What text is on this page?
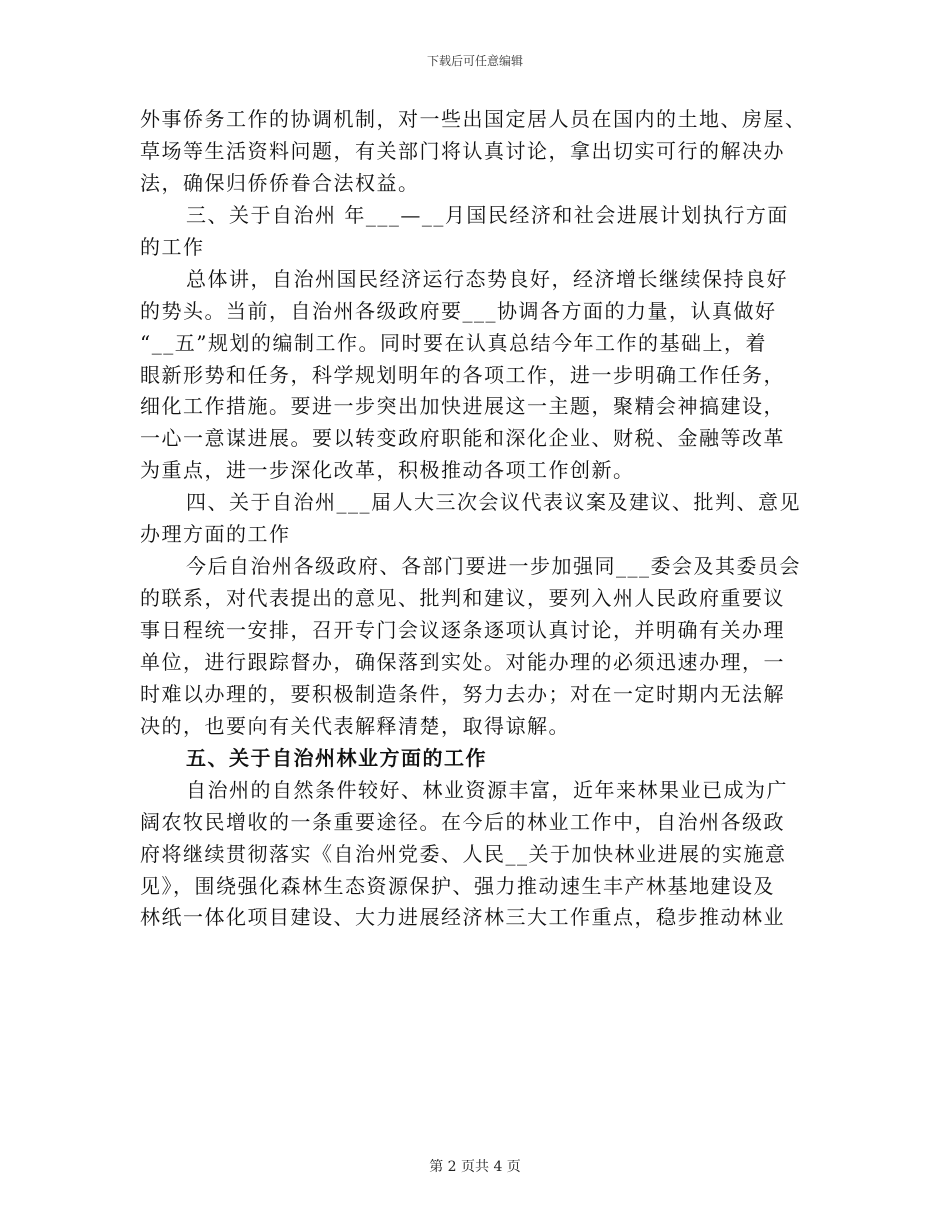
下载后可任意编辑
外事侨务工作的协调机制，对一些出国定居人员在国内的土地、房屋、
草场等生活资料问题，有关部门将认真讨论，拿出切实可行的解决办
法，确保归侨侨眷合法权益。
三、关于自治州 年___—__月国民经济和社会进展计划执行方面
的工作
总体讲，自治州国民经济运行态势良好，经济增长继续保持良好
的势头。当前，自治州各级政府要___协调各方面的力量，认真做好
“__五”规划的编制工作。同时要在认真总结今年工作的基础上，着
眼新形势和任务，科学规划明年的各项工作，进一步明确工作任务，
细化工作措施。要进一步突出加快进展这一主题，聚精会神搞建设，
一心一意谋进展。要以转变政府职能和深化企业、财税、金融等改革
为重点，进一步深化改革，积极推动各项工作创新。
四、关于自治州___届人大三次会议代表议案及建议、批判、意见
办理方面的工作
今后自治州各级政府、各部门要进一步加强同___委会及其委员会
的联系，对代表提出的意见、批判和建议，要列入州人民政府重要议
事日程统一安排，召开专门会议逐条逐项认真讨论，并明确有关办理
单位，进行跟踪督办，确保落到实处。对能办理的必须迅速办理，一
时难以办理的，要积极制造条件，努力去办；对在一定时期内无法解
决的，也要向有关代表解释清楚，取得谅解。
五、关于自治州林业方面的工作
自治州的自然条件较好、林业资源丰富，近年来林果业已成为广
阔农牧民增收的一条重要途径。在今后的林业工作中，自治州各级政
府将继续贯彻落实《自治州党委、人民__关于加快林业进展的实施意
见》，围绕强化森林生态资源保护、强力推动速生丰产林基地建设及
林纸一体化项目建设、大力进展经济林三大工作重点，稳步推动林业
第 2 页共 4 页
